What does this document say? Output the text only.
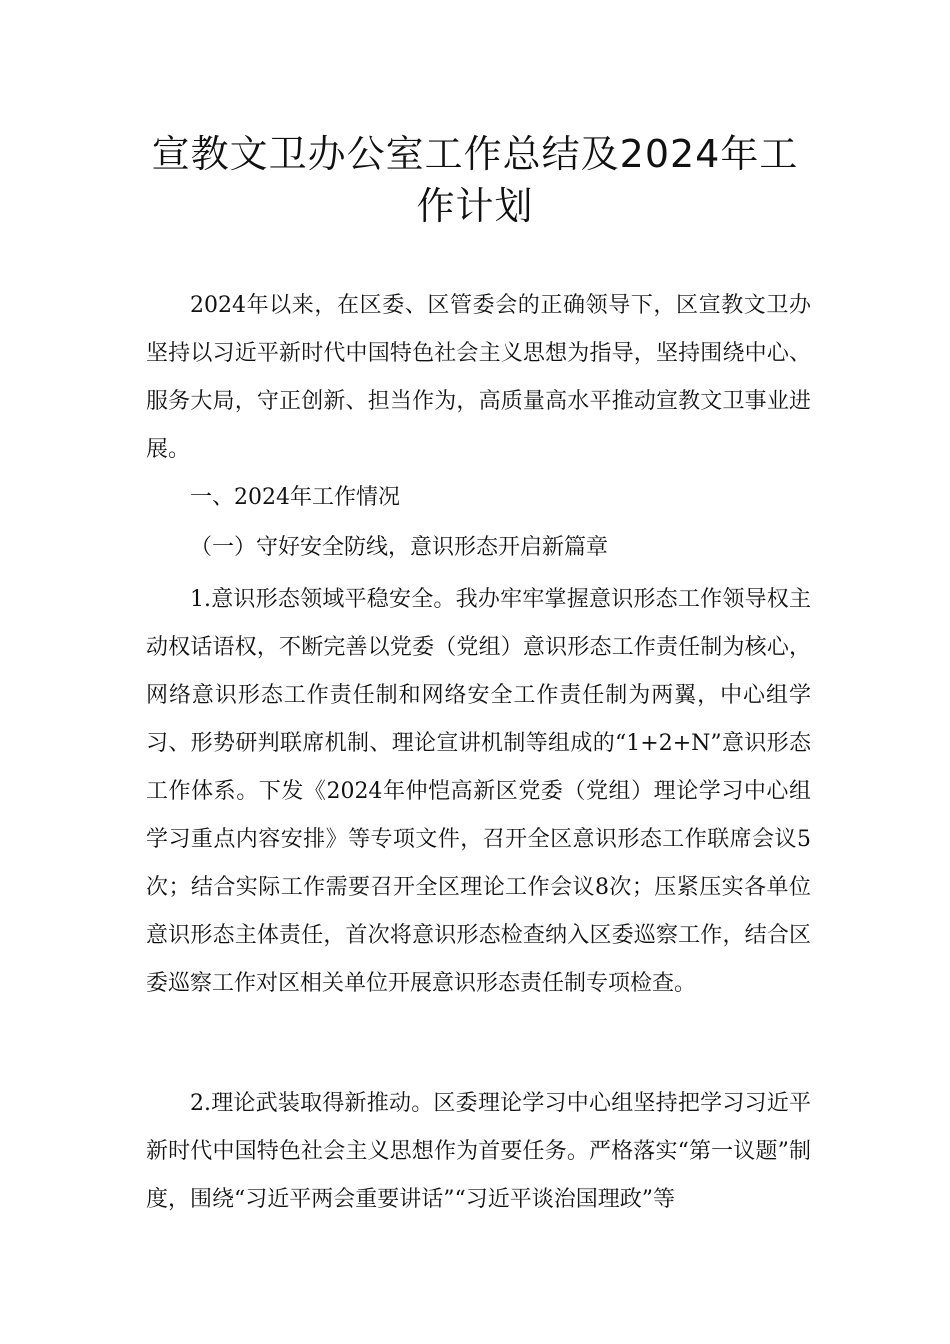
宣教文卫办公室工作总结及2024年工作计划

2024年以来，在区委、区管委会的正确领导下，区宣教文卫办坚持以习近平新时代中国特色社会主义思想为指导，坚持围绕中心、服务大局，守正创新、担当作为，高质量高水平推动宣教文卫事业进展。

一、2024年工作情况

（一）守好安全防线，意识形态开启新篇章

1.意识形态领域平稳安全。我办牢牢掌握意识形态工作领导权主动权话语权，不断完善以党委（党组）意识形态工作责任制为核心，网络意识形态工作责任制和网络安全工作责任制为两翼，中心组学习、形势研判联席机制、理论宣讲机制等组成的“1+2+N”意识形态工作体系。下发《2024年仲恺高新区党委（党组）理论学习中心组学习重点内容安排》等专项文件，召开全区意识形态工作联席会议5次；结合实际工作需要召开全区理论工作会议8次；压紧压实各单位意识形态主体责任，首次将意识形态检查纳入区委巡察工作，结合区委巡察工作对区相关单位开展意识形态责任制专项检查。

2.理论武装取得新推动。区委理论学习中心组坚持把学习习近平新时代中国特色社会主义思想作为首要任务。严格落实“第一议题”制度，围绕“习近平两会重要讲话”“习近平谈治国理政”等
